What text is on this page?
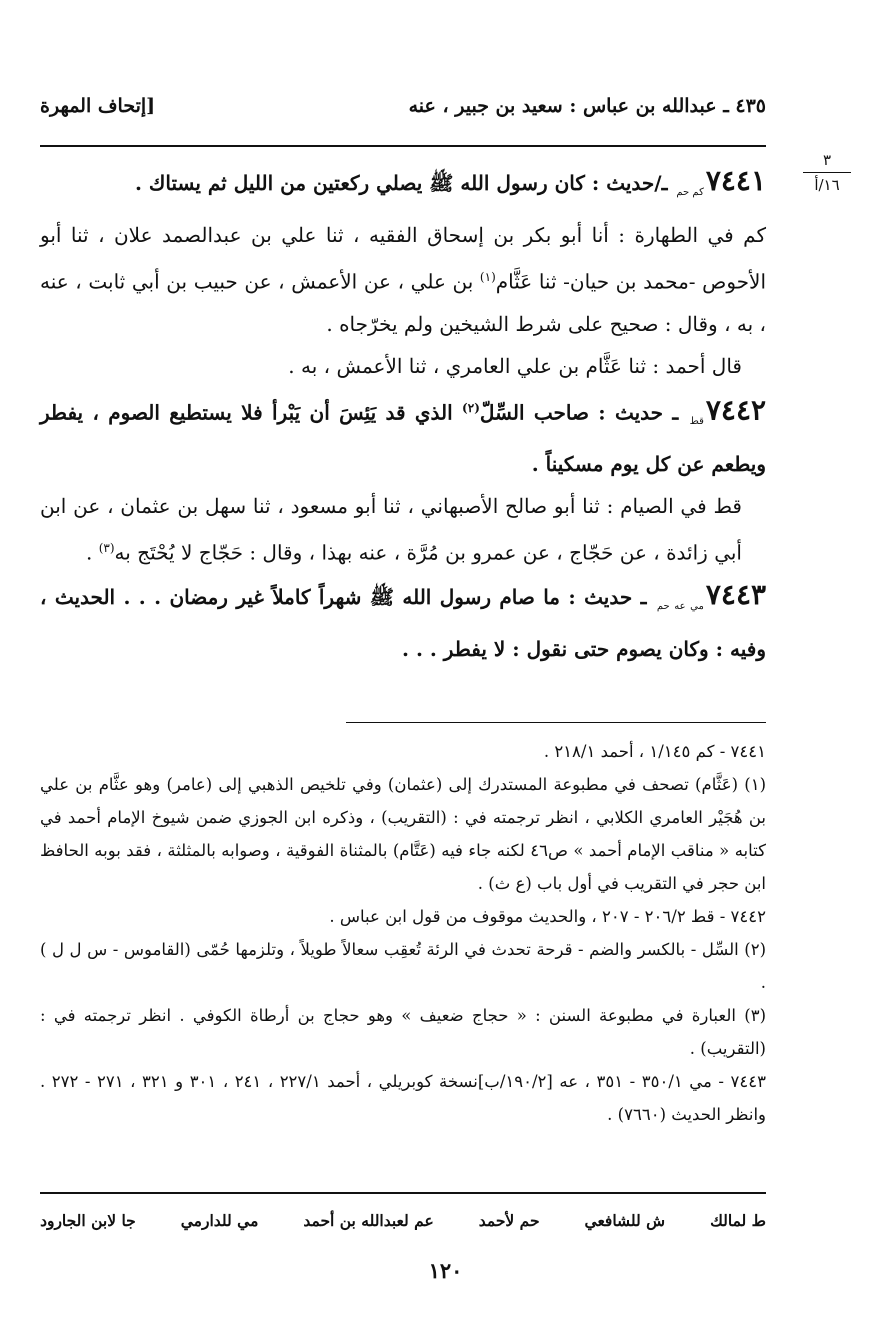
٤٣٥ ـ عبدالله بن عباس : سعيد بن جبير ، عنه
[إتحاف المهرة
٣
١٦/أ

$٧٤٤١_{كم حم}$ ـ/حديث : كان رسول الله ﷺ يصلي ركعتين من الليل ثم يستاك .

كم في الطهارة : أنا أبو بكر بن إسحاق الفقيه ، ثنا علي بن عبدالصمد علان ، ثنا أبو الأحوص -محمد بن حيان- ثنا عَثَّام$^{(١)}$ بن علي ، عن الأعمش ، عن حبيب بن أبي ثابت ، عنه ، به ، وقال : صحيح على شرط الشيخين ولم يخرّجاه .

قال أحمد : ثنا عَثَّام بن علي العامري ، ثنا الأعمش ، به .

$٧٤٤٢_{قط}$ ـ حديث : صاحب السِّلّ$^{(٢)}$ الذي قد يَئِسَ أن يَبْرأ فلا يستطيع الصوم ، يفطر ويطعم عن كل يوم مسكيناً .

قط في الصيام : ثنا أبو صالح الأصبهاني ، ثنا أبو مسعود ، ثنا سهل بن عثمان ، عن ابن أبي زائدة ، عن حَجّاج ، عن عمرو بن مُرَّة ، عنه بهذا ، وقال : حَجّاج لا يُحْتَج به$^{(٣)}$ .

$٧٤٤٣_{مي عه حم}$ ـ حديث : ما صام رسول الله ﷺ شهراً كاملاً غير رمضان . . . الحديث ، وفيه : وكان يصوم حتى نقول : لا يفطر . . .

٧٤٤١ - كم ١/١٤٥ ، أحمد ٢١٨/١ .

(١) (عَثَّام) تصحف في مطبوعة المستدرك إلى (عثمان) وفي تلخيص الذهبي إلى (عامر) وهو عثَّام بن علي بن هُجَيْر العامري الكلابي ، انظر ترجمته في : (التقريب) ، وذكره ابن الجوزي ضمن شيوخ الإمام أحمد في كتابه « مناقب الإمام أحمد » ص٤٦ لكنه جاء فيه (عَتَّام) بالمثناة الفوقية ، وصوابه بالمثلثة ، فقد بوبه الحافظ ابن حجر في التقريب في أول باب (ع ث) .

٧٤٤٢ - قط ٢٠٦/٢ - ٢٠٧ ، والحديث موقوف من قول ابن عباس .

(٢) السِّل - بالكسر والضم - قرحة تحدث في الرئة تُعقِب سعالاً طويلاً ، وتلزمها حُمّى (القاموس - س ل ل ) .

(٣) العبارة في مطبوعة السنن : « حجاج ضعيف » وهو حجاج بن أرطاة الكوفي . انظر ترجمته في :(التقريب) .

٧٤٤٣ - مي ٣٥٠/١ - ٣٥١ ، عه [١٩٠/٢/ب]نسخة كوبريلي ، أحمد ٢٢٧/١ ، ٢٤١ ، ٣٠١ و ٣٢١ ، ٢٧١ - ٢٧٢ . وانظر الحديث (٧٦٦٠) .

ط لمالك
ش للشافعي
حم لأحمد
عم لعبدالله بن أحمد
مي للدارمي
جا لابن الجارود
١٢٠
